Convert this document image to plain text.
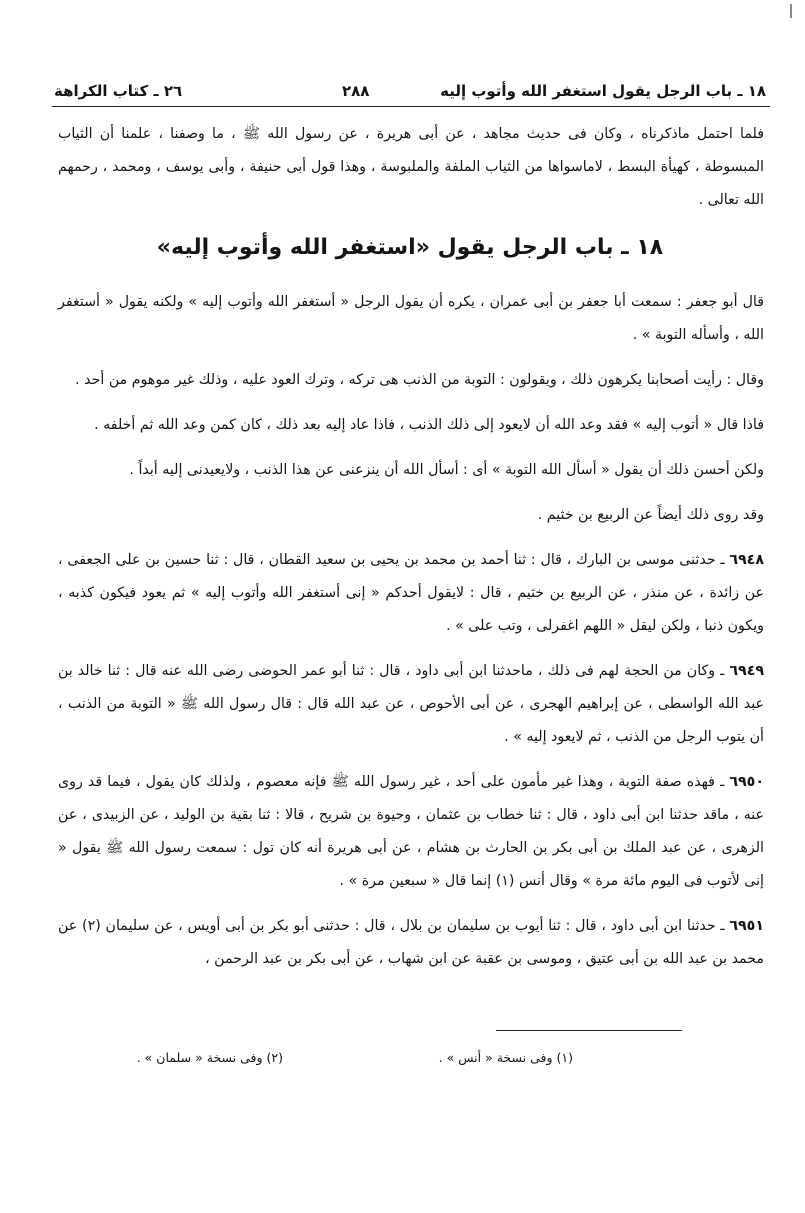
١٨ ـ باب الرجل يقول استغفر الله وأتوب إليه
٢٨٨
٢٦ ـ كتاب الكراهة

فلما احتمل ماذكرناه ، وكان فى حديث مجاهد ، عن أبى هريرة ، عن رسول الله ﷺ ، ما وصفنا ، علمنا أن الثياب المبسوطة ، كهيأة البسط ، لاماسواها من الثياب الملفة والملبوسة ، وهذا قول أبى حنيفة ، وأبى يوسف ، ومحمد ، رحمهم الله تعالى .

١٨ ـ باب الرجل يقول «استغفر الله وأتوب إليه»

قال أبو جعفر : سمعت أبا جعفر بن أبى عمران ، يكره أن يقول الرجل « أستغفر الله وأتوب إليه » ولكنه يقول « أستغفر الله ، وأسأله التوبة » .

وقال : رأيت أصحابنا يكرهون ذلك ، ويقولون : التوبة من الذنب هى تركه ، وترك العود عليه ، وذلك غير موهوم من أحد .

فاذا قال « أتوب إليه » فقد وعد الله أن لايعود إلى ذلك الذنب ، فاذا عاد إليه بعد ذلك ، كان كمن وعد الله ثم أخلفه .

ولكن أحسن ذلك أن يقول « أسأل الله التوبة » أى : أسأل الله أن ينزعنى عن هذا الذنب ، ولايعيدنى إليه أبداً .

وقد روى ذلك أيضاً عن الربيع بن خثيم .

٦٩٤٨ ـ حدثنى موسى بن البارك ، قال : ثنا أحمد بن محمد بن يحيى بن سعيد القطان ، قال : ثنا حسين بن على الجعفى ، عن زائدة ، عن منذر ، عن الربيع بن خثيم ، قال : لايقول أحدكم « إنى أستغفر الله وأتوب إليه » ثم يعود فيكون كذبه ، ويكون ذنبا ، ولكن ليقل « اللهم اغفرلى ، وتب على » .

٦٩٤٩ ـ وكان من الحجة لهم فى ذلك ، ماحدثنا ابن أبى داود ، قال : ثنا أبو عمر الحوضى رضى الله عنه قال : ثنا خالد بن عبد الله الواسطى ، عن إبراهيم الهجرى ، عن أبى الأحوص ، عن عبد الله قال : قال رسول الله ﷺ « التوبة من الذنب ، أن يتوب الرجل من الذنب ، ثم لايعود إليه » .

٦٩٥٠ ـ فهذه صفة التوبة ، وهذا غير مأمون على أحد ، غير رسول الله ﷺ فإنه معصوم ، ولذلك كان يقول ، فيما قد روى عنه ، ماقد حدثنا ابن أبى داود ، قال : ثنا خطاب بن عثمان ، وحيوة بن شريح ، قالا : ثنا بقية بن الوليد ، عن الزبيدى ، عن الزهرى ، عن عبد الملك بن أبى بكر بن الحارث بن هشام ، عن أبى هريرة أنه كان تول : سمعت رسول الله ﷺ يقول « إنى لأتوب فى اليوم مائة مرة » وقال أنس (١) إنما قال « سبعين مرة » .

٦٩٥١ ـ حدثنا ابن أبى داود ، قال : ثنا أيوب بن سليمان بن بلال ، قال : حدثنى أبو بكر بن أبى أويس ، عن سليمان (٢) عن محمد بن عبد الله بن أبى عتيق ، وموسى بن عقبة عن ابن شهاب ، عن أبى بكر بن عبد الرحمن ،

(١) وفى نسخة « أنس » .
(٢) وفى نسخة « سلمان » .
